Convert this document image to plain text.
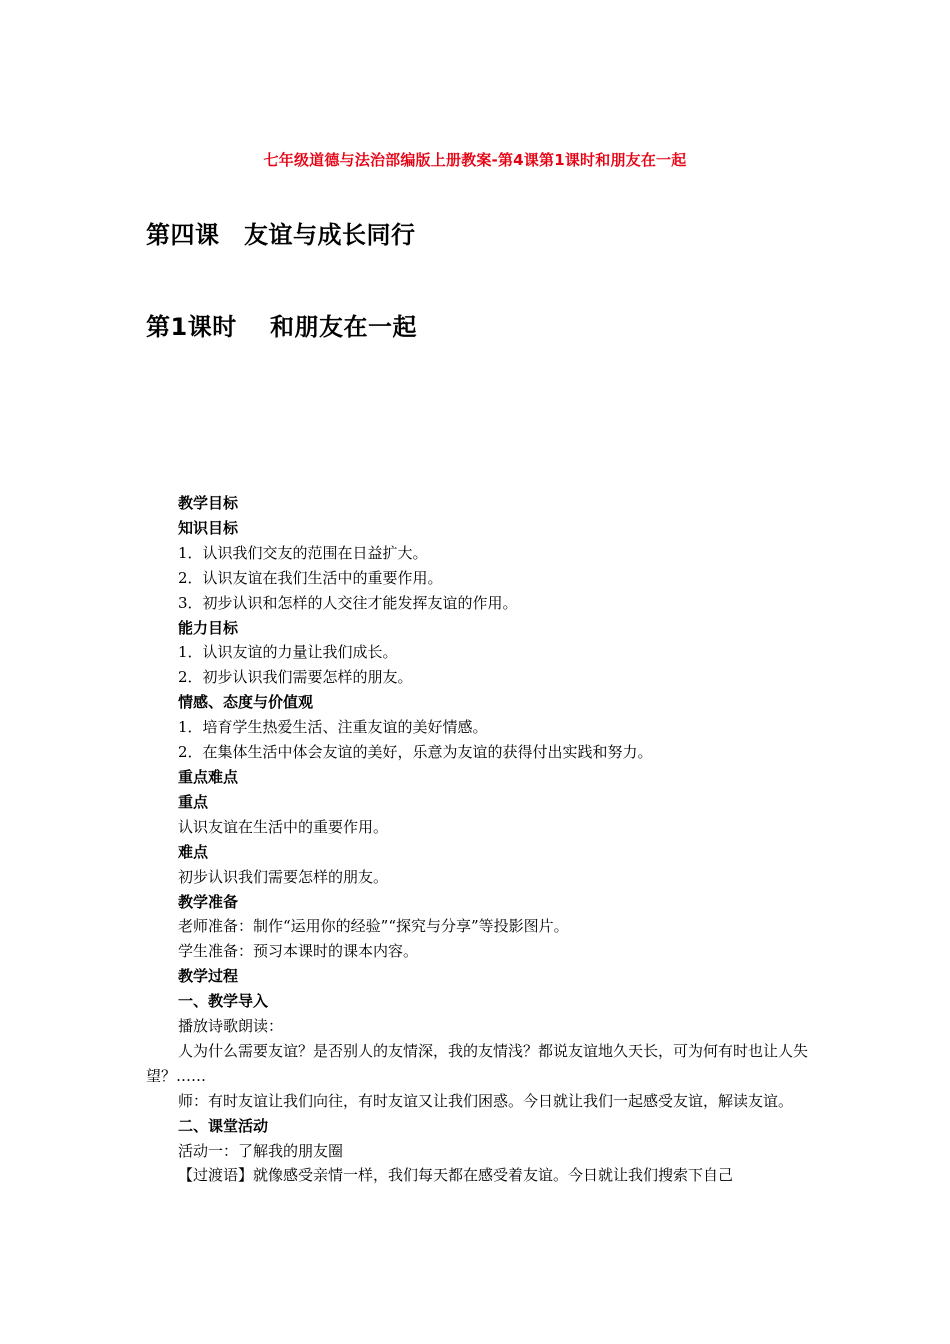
七年级道德与法治部编版上册教案-第4课第1课时和朋友在一起
第四课　友谊与成长同行
第1课时　 和朋友在一起
教学目标
知识目标
1．认识我们交友的范围在日益扩大。
2．认识友谊在我们生活中的重要作用。
3．初步认识和怎样的人交往才能发挥友谊的作用。
能力目标
1．认识友谊的力量让我们成长。
2．初步认识我们需要怎样的朋友。
情感、态度与价值观
1．培育学生热爱生活、注重友谊的美好情感。
2．在集体生活中体会友谊的美好，乐意为友谊的获得付出实践和努力。
重点难点
重点
认识友谊在生活中的重要作用。
难点
初步认识我们需要怎样的朋友。
教学准备
老师准备：制作“运用你的经验”“探究与分享”等投影图片。
学生准备：预习本课时的课本内容。
教学过程
一、教学导入
播放诗歌朗读：
人为什么需要友谊？是否别人的友情深，我的友情浅？都说友谊地久天长，可为何有时也让人失望？……
师：有时友谊让我们向往，有时友谊又让我们困惑。今日就让我们一起感受友谊，解读友谊。
二、课堂活动
活动一：了解我的朋友圈
【过渡语】就像感受亲情一样，我们每天都在感受着友谊。今日就让我们搜索下自己
